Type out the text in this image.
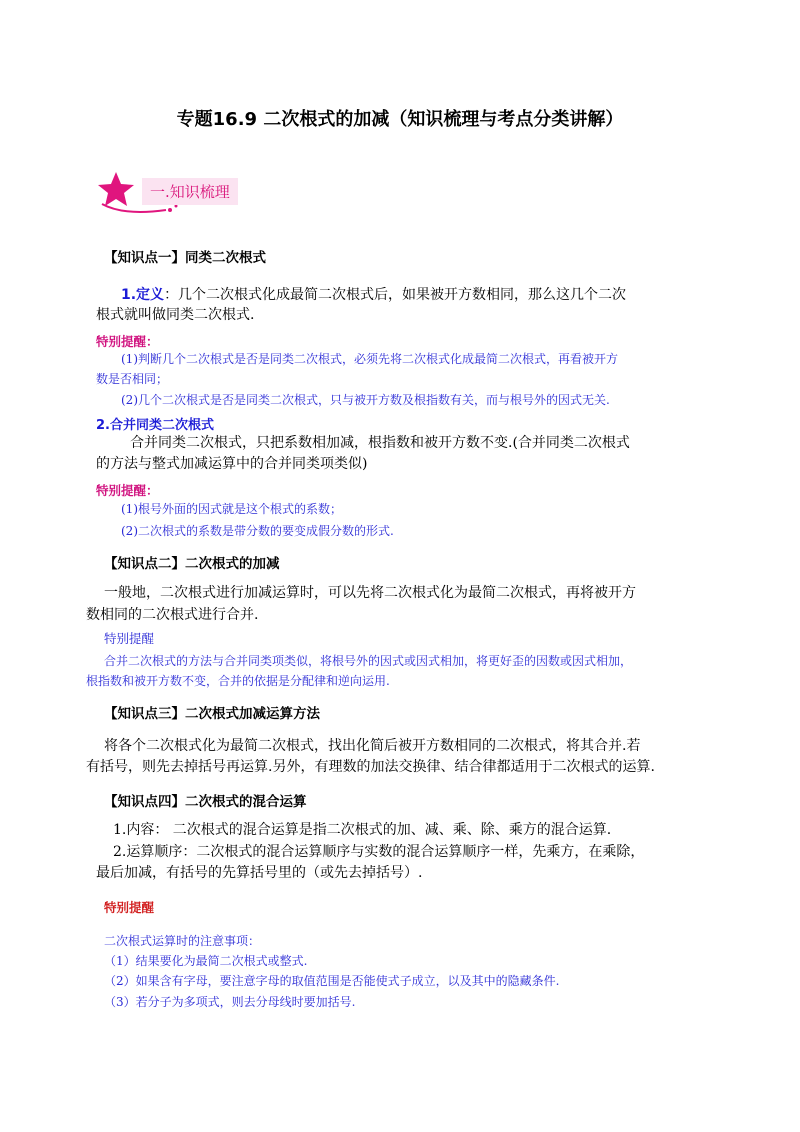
专题16.9 二次根式的加减（知识梳理与考点分类讲解）
一.知识梳理
【知识点一】同类二次根式
1.定义：几个二次根式化成最简二次根式后，如果被开方数相同，那么这几个二次
根式就叫做同类二次根式.
特别提醒：
(1)判断几个二次根式是否是同类二次根式，必须先将二次根式化成最简二次根式，再看被开方
数是否相同；
(2)几个二次根式是否是同类二次根式，只与被开方数及根指数有关，而与根号外的因式无关.
2.合并同类二次根式
合并同类二次根式，只把系数相加减，根指数和被开方数不变.(合并同类二次根式
的方法与整式加减运算中的合并同类项类似)
特别提醒：
(1)根号外面的因式就是这个根式的系数；
(2)二次根式的系数是带分数的要变成假分数的形式.
【知识点二】二次根式的加减
一般地，二次根式进行加减运算时，可以先将二次根式化为最简二次根式，再将被开方
数相同的二次根式进行合并.
特别提醒
合并二次根式的方法与合并同类项类似，将根号外的因式或因式相加，将更好歪的因数或因式相加，
根指数和被开方数不变，合并的依据是分配律和逆向运用.
【知识点三】二次根式加减运算方法
将各个二次根式化为最简二次根式，找出化简后被开方数相同的二次根式，将其合并.若
有括号，则先去掉括号再运算.另外，有理数的加法交换律、结合律都适用于二次根式的运算.
【知识点四】二次根式的混合运算
1.内容： 二次根式的混合运算是指二次根式的加、减、乘、除、乘方的混合运算.
2.运算顺序：二次根式的混合运算顺序与实数的混合运算顺序一样，先乘方，在乘除，
最后加减，有括号的先算括号里的（或先去掉括号）.
特别提醒
二次根式运算时的注意事项：
（1）结果要化为最简二次根式或整式.
（2）如果含有字母，要注意字母的取值范围是否能使式子成立，以及其中的隐藏条件.
（3）若分子为多项式，则去分母线时要加括号.
